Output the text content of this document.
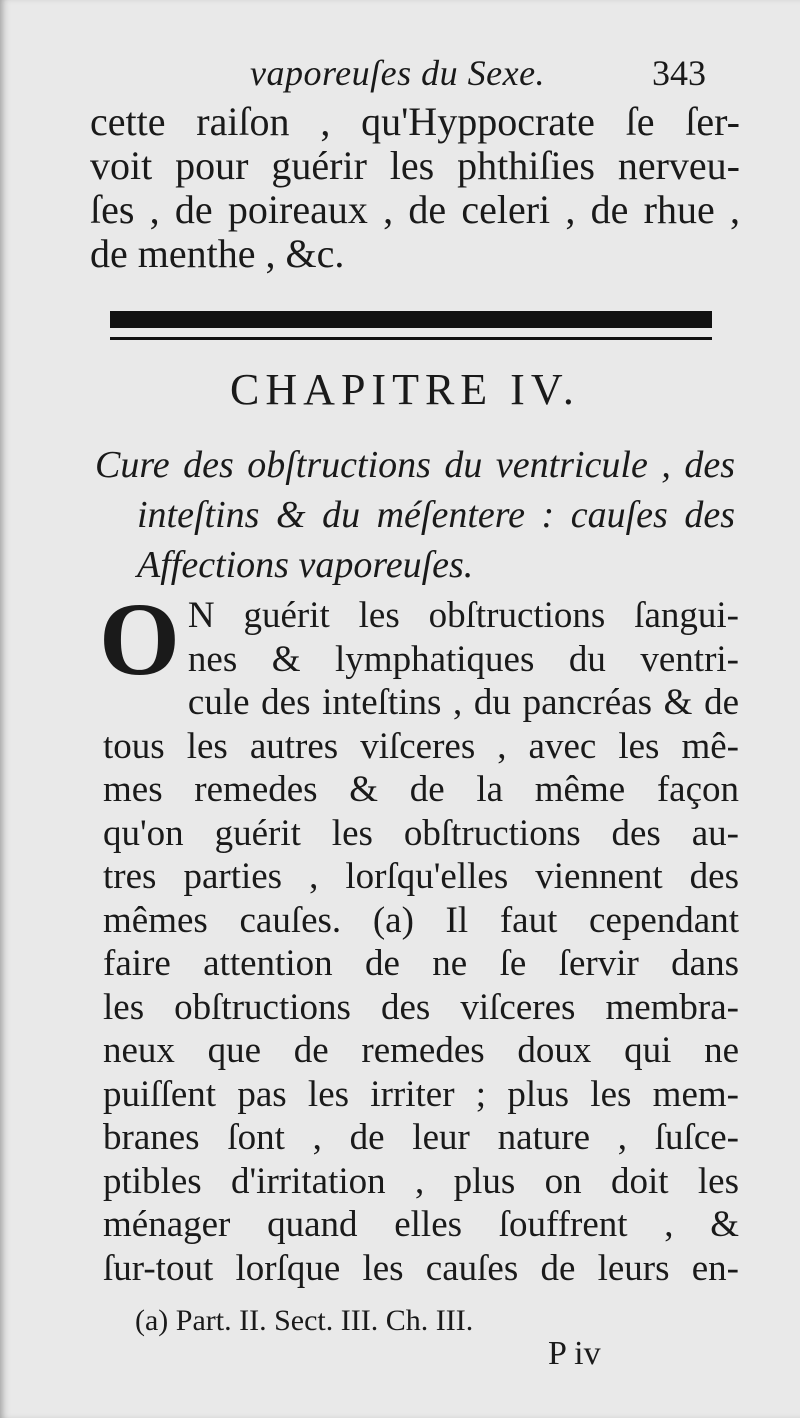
vaporeuſes du Sexe.	343
cette raiſon , qu'Hyppocrate ſe ſer-
voit pour guérir les phthiſies nerveu-
ſes , de poireaux , de celeri , de rhue ,
de menthe , &c.
CHAPITRE IV.
Cure des obſtructions du ventricule , des
inteſtins & du méſentere : cauſes des
Affections vaporeuſes.
O N guérit les obſtructions ſangui-
nes & lymphatiques du ventri-
cule des inteſtins , du pancréas & de
tous les autres viſceres , avec les mê-
mes remedes & de la même façon
qu'on guérit les obſtructions des au-
tres parties , lorſqu'elles viennent des
mêmes cauſes. (a) Il faut cependant
faire attention de ne ſe ſervir dans
les obſtructions des viſceres membra-
neux que de remedes doux qui ne
puiſſent pas les irriter ; plus les mem-
branes ſont , de leur nature , ſuſce-
ptibles d'irritation , plus on doit les
ménager quand elles ſouffrent , &
ſur-tout lorſque les cauſes de leurs en-
(a) Part. II. Sect. III. Ch. III.
P iv
